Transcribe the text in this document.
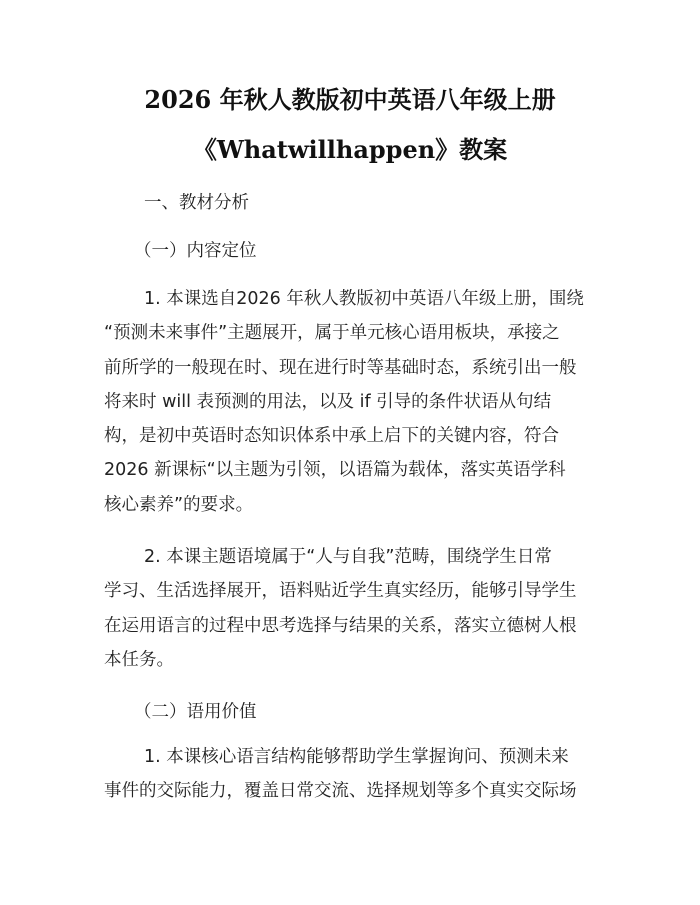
2026 年秋人教版初中英语八年级上册
《Whatwillhappen》教案
一、教材分析
（一）内容定位
1. 本课选自2026 年秋人教版初中英语八年级上册，围绕
“预测未来事件”主题展开，属于单元核心语用板块，承接之
前所学的一般现在时、现在进行时等基础时态，系统引出一般
将来时 will 表预测的用法，以及 if 引导的条件状语从句结
构，是初中英语时态知识体系中承上启下的关键内容，符合
2026 新课标“以主题为引领，以语篇为载体，落实英语学科
核心素养”的要求。
2. 本课主题语境属于“人与自我”范畴，围绕学生日常
学习、生活选择展开，语料贴近学生真实经历，能够引导学生
在运用语言的过程中思考选择与结果的关系，落实立德树人根
本任务。
（二）语用价值
1. 本课核心语言结构能够帮助学生掌握询问、预测未来
事件的交际能力，覆盖日常交流、选择规划等多个真实交际场
